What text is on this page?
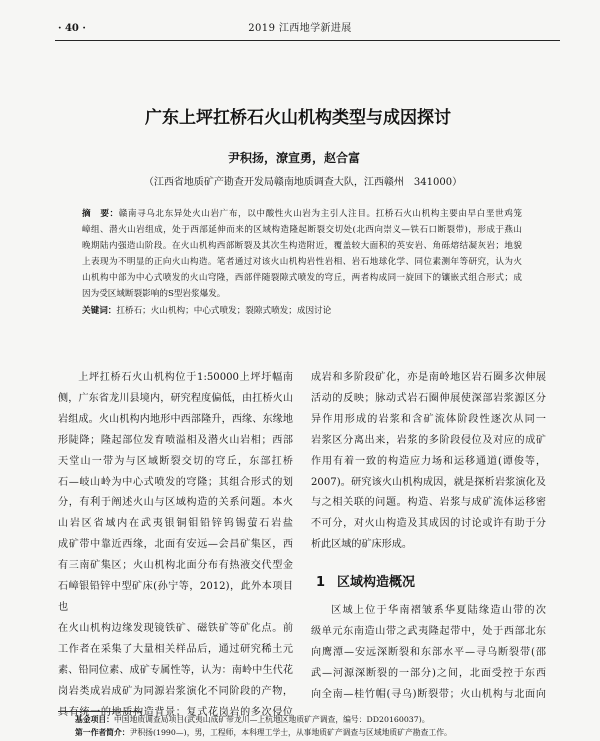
· 40 ·	2019 江西地学新进展
广东上坪扛桥石火山机构类型与成因探讨
尹积扬，潦宣勇，赵合富
（江西省地质矿产勘查开发局赣南地质调查大队，江西赣州　341000）
摘　要：赣南寻乌北东异处火山岩广布，以中酸性火山岩为主引人注目。扛桥石火山机构主要由早白垩世鸡笼
嶂组、潜火山岩组成，处于西部延伸而来的区域构造隆起断裂交切处(北西向崇义—铁石口断裂带)，形成于燕山
晚期陆内强造山阶段。在火山机构西部断裂及其次生构造附近，覆盖较大面积的英安岩、角砾熔结凝灰岩；地貌
上表现为不明显的正向火山构造。笔者通过对该火山机构岩性岩相、岩石地球化学、同位素测年等研究，认为火
山机构中部为中心式喷发的火山穹隆，西部伴随裂隙式喷发的穹丘，两者构成同一旋回下的镶嵌式组合形式；成
因为受区域断裂影响的S型岩浆爆发。
关键词：扛桥石；火山机构；中心式喷发；裂隙式喷发；成因讨论
上坪扛桥石火山机构位于1:50000上坪圩幅南
侧，广东省龙川县境内，研究程度偏低，由扛桥火山
岩组成。火山机构内地形中西部隆升，西缘、东缘地
形陡降；隆起部位发育喷溢相及潜火山岩相；西部
天堂山一带为与区域断裂交切的穹丘，东部扛桥
石—岐山岭为中心式喷发的穹隆；其组合形式的划
分，有利于阐述火山与区域构造的关系问题。本火
山岩区省域内在武夷银铜钼铅锌钨锡萤石岩盐
成矿带中靠近西缘，北面有安远—会昌矿集区，西
有三南矿集区；火山机构北面分布有热液交代型金
石嶂银铅锌中型矿床(孙宁等，2012)，此外本项目也
在火山机构边缘发现镜铁矿、磁铁矿等矿化点。前
工作者在采集了大量相关样品后，通过研究稀土元
素、铅同位素、成矿专属性等，认为：南岭中生代花
岗岩类成岩成矿为同源岩浆演化不同阶段的产物，
具有统一的地质构造背景；复式花岗岩的多次侵位
成岩和多阶段矿化，亦是南岭地区岩石圈多次伸展
活动的反映；脉动式岩石圈伸展使深部岩浆源区分
异作用形成的岩浆和含矿流体阶段性逐次从同一
岩浆区分离出来，岩浆的多阶段侵位及对应的成矿
作用有着一致的构造应力场和运移通道(谭俊等，
2007)。研究该火山机构成因，就是探析岩浆演化及
与之相关联的问题。构造、岩浆与成矿流体运移密
不可分，对火山构造及其成因的讨论或许有助于分
析此区域的矿床形成。
1 区域构造概况
区域上位于华南褶皱系华夏陆缘造山带的次
级单元东南造山带之武夷隆起带中，处于西部北东
向鹰潭—安远深断裂和东部水平—寻乌断裂带(邵
武—河源深断裂的一部分)之间，北面受控于东西
向全南—桂竹帽(寻乌)断裂带；火山机构与北面向
基金项目：中国地质调查局项目(武夷山成矿带龙川—上杭地区地质矿产调查，编号：DD20160037)。
第一作者简介：尹积扬(1990—)，男，工程师，本科理工学士，从事地质矿产调查与区域地质矿产勘查工作。
